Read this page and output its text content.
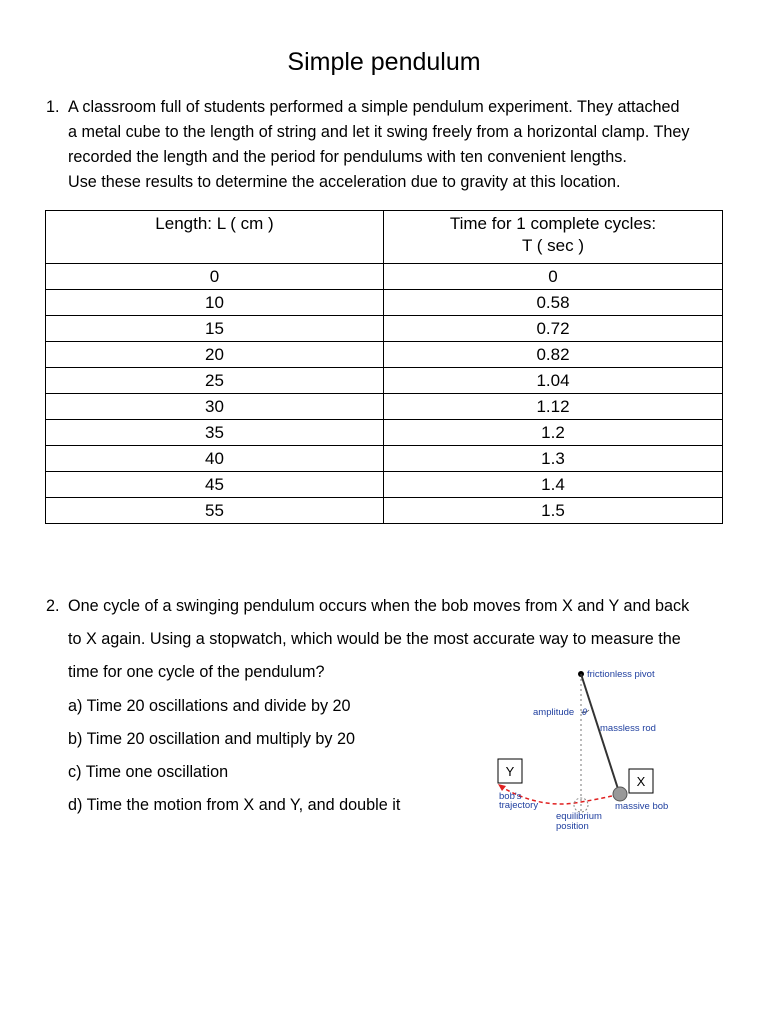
Simple pendulum
1. A classroom full of students performed a simple pendulum experiment. They attached
a metal cube to the length of string and let it swing freely from a horizontal clamp. They
recorded the length and the period for pendulums with ten convenient lengths.
Use these results to determine the acceleration due to gravity at this location.
Length: L ( cm )	Time for 1 complete cycles:
T ( sec )

0	0
10	0.58
15	0.72
20	0.82
25	1.04
30	1.12
35	1.2
40	1.3
45	1.4
55	1.5
2. One cycle of a swinging pendulum occurs when the bob moves from X and Y and back
to X again. Using a stopwatch, which would be the most accurate way to measure the
time for one cycle of the pendulum?
a) Time 20 oscillations and divide by 20
b) Time 20 oscillation and multiply by 20
c) Time one oscillation
d) Time the motion from X and Y, and double it
frictionless pivot
amplitude θ
massless rod
Y
X
bob's
trajectory
equilibrium
position
massive bob
